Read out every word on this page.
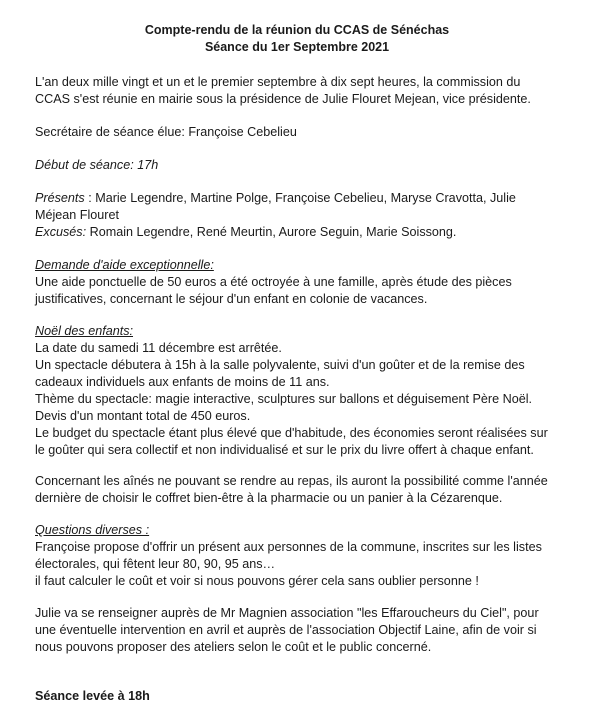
Compte-rendu de la réunion du CCAS de Sénéchas
Séance du 1er Septembre 2021

L'an deux mille vingt et un et le premier septembre à dix sept heures, la commission du
CCAS s'est réunie en mairie sous la présidence de Julie Flouret Mejean, vice présidente.

Secrétaire de séance élue: Françoise Cebelieu

Début de séance: 17h

Présents : Marie Legendre, Martine Polge, Françoise Cebelieu, Maryse Cravotta, Julie
Méjean Flouret
Excusés: Romain Legendre, René Meurtin, Aurore Seguin, Marie Soissong.

Demande d'aide exceptionnelle:
Une aide ponctuelle de 50 euros a été octroyée à une famille, après étude des pièces
justificatives, concernant le séjour d'un enfant en colonie de vacances.

Noël des enfants:
La date du samedi 11 décembre est arrêtée.
Un spectacle débutera à 15h à la salle polyvalente, suivi d'un goûter et de la remise des
cadeaux individuels aux enfants de moins de 11 ans.
Thème du spectacle: magie interactive, sculptures sur ballons et déguisement Père Noël.
Devis d'un montant total de 450 euros.
Le budget du spectacle étant plus élevé que d'habitude, des économies seront réalisées sur
le goûter qui sera collectif et non individualisé et sur le prix du livre offert à chaque enfant.

Concernant les aînés ne pouvant se rendre au repas, ils auront la possibilité comme l'année
dernière de choisir le coffret bien-être à la pharmacie ou un panier à la Cézarenque.

Questions diverses :
Françoise propose d'offrir un présent aux personnes de la commune, inscrites sur les listes
électorales, qui fêtent leur 80, 90, 95 ans…
il faut calculer le coût et voir si nous pouvons gérer cela sans oublier personne !

Julie va se renseigner auprès de Mr Magnien association "les Effaroucheurs du Ciel", pour
une éventuelle intervention en avril et auprès de l'association Objectif Laine, afin de voir si
nous pouvons proposer des ateliers selon le coût et le public concerné.

Séance levée à 18h
